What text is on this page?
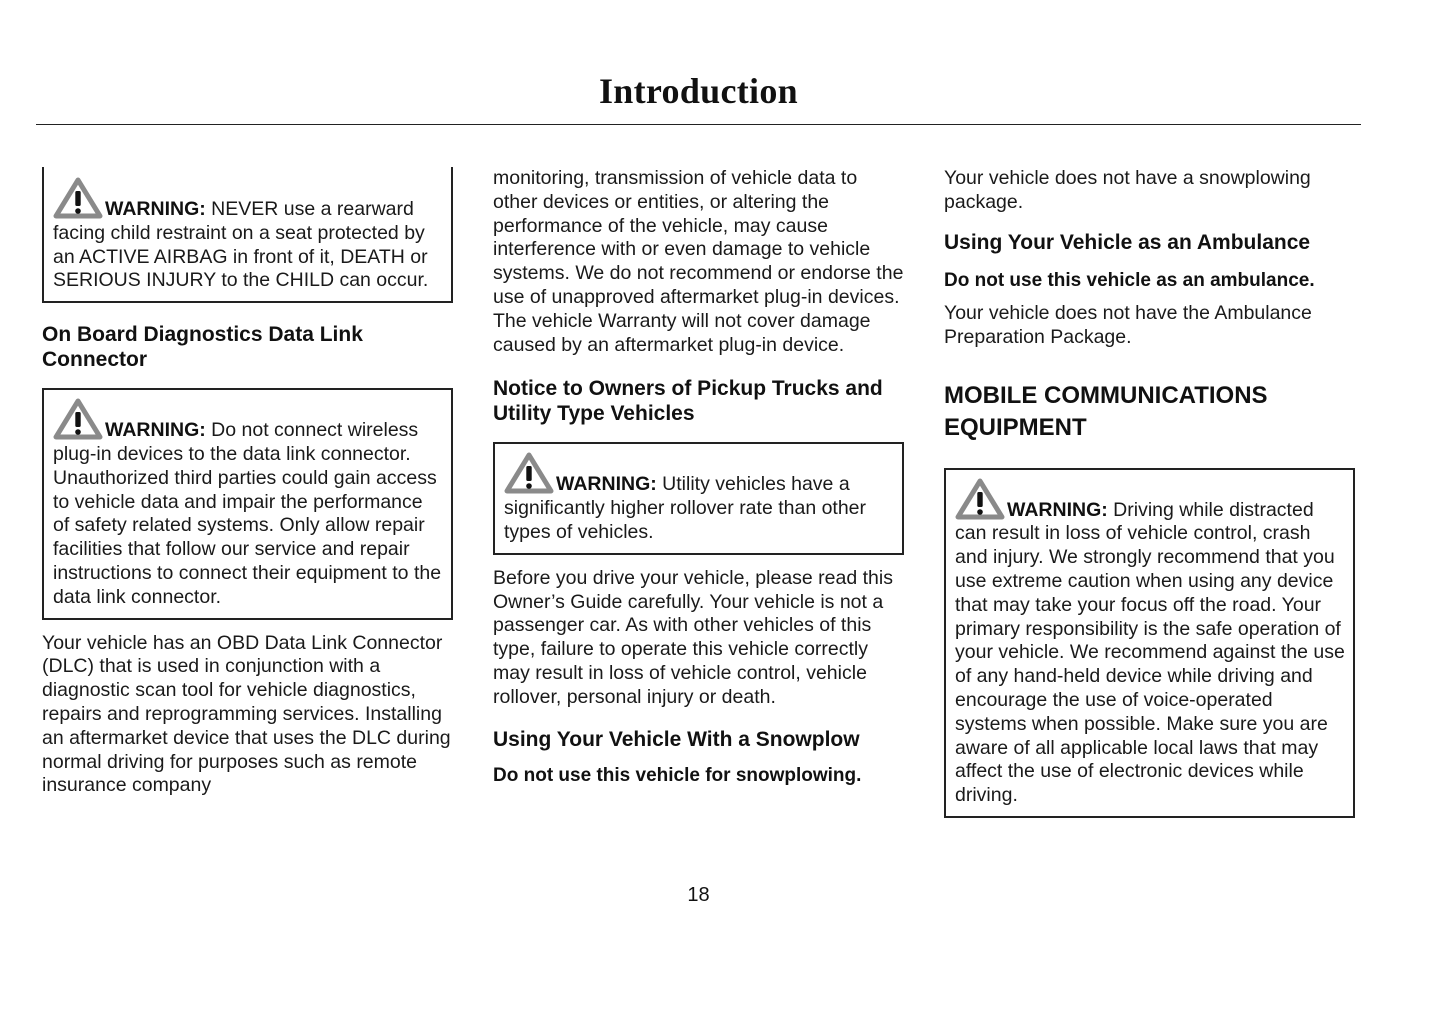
Introduction
WARNING: NEVER use a rearward facing child restraint on a seat protected by an ACTIVE AIRBAG in front of it, DEATH or SERIOUS INJURY to the CHILD can occur.
On Board Diagnostics Data Link Connector
WARNING: Do not connect wireless plug-in devices to the data link connector. Unauthorized third parties could gain access to vehicle data and impair the performance of safety related systems. Only allow repair facilities that follow our service and repair instructions to connect their equipment to the data link connector.

Your vehicle has an OBD Data Link Connector (DLC) that is used in conjunction with a diagnostic scan tool for vehicle diagnostics, repairs and reprogramming services. Installing an aftermarket device that uses the DLC during normal driving for purposes such as remote insurance company

monitoring, transmission of vehicle data to other devices or entities, or altering the performance of the vehicle, may cause interference with or even damage to vehicle systems. We do not recommend or endorse the use of unapproved aftermarket plug-in devices. The vehicle Warranty will not cover damage caused by an aftermarket plug-in device.

Notice to Owners of Pickup Trucks and Utility Type Vehicles
WARNING: Utility vehicles have a significantly higher rollover rate than other types of vehicles.

Before you drive your vehicle, please read this Owner’s Guide carefully. Your vehicle is not a passenger car. As with other vehicles of this type, failure to operate this vehicle correctly may result in loss of vehicle control, vehicle rollover, personal injury or death.

Using Your Vehicle With a Snowplow

Do not use this vehicle for snowplowing.

Your vehicle does not have a snowplowing package.

Using Your Vehicle as an Ambulance

Do not use this vehicle as an ambulance.

Your vehicle does not have the Ambulance Preparation Package.

MOBILE COMMUNICATIONS EQUIPMENT
WARNING: Driving while distracted can result in loss of vehicle control, crash and injury. We strongly recommend that you use extreme caution when using any device that may take your focus off the road. Your primary responsibility is the safe operation of your vehicle. We recommend against the use of any hand-held device while driving and encourage the use of voice-operated systems when possible. Make sure you are aware of all applicable local laws that may affect the use of electronic devices while driving.
18
